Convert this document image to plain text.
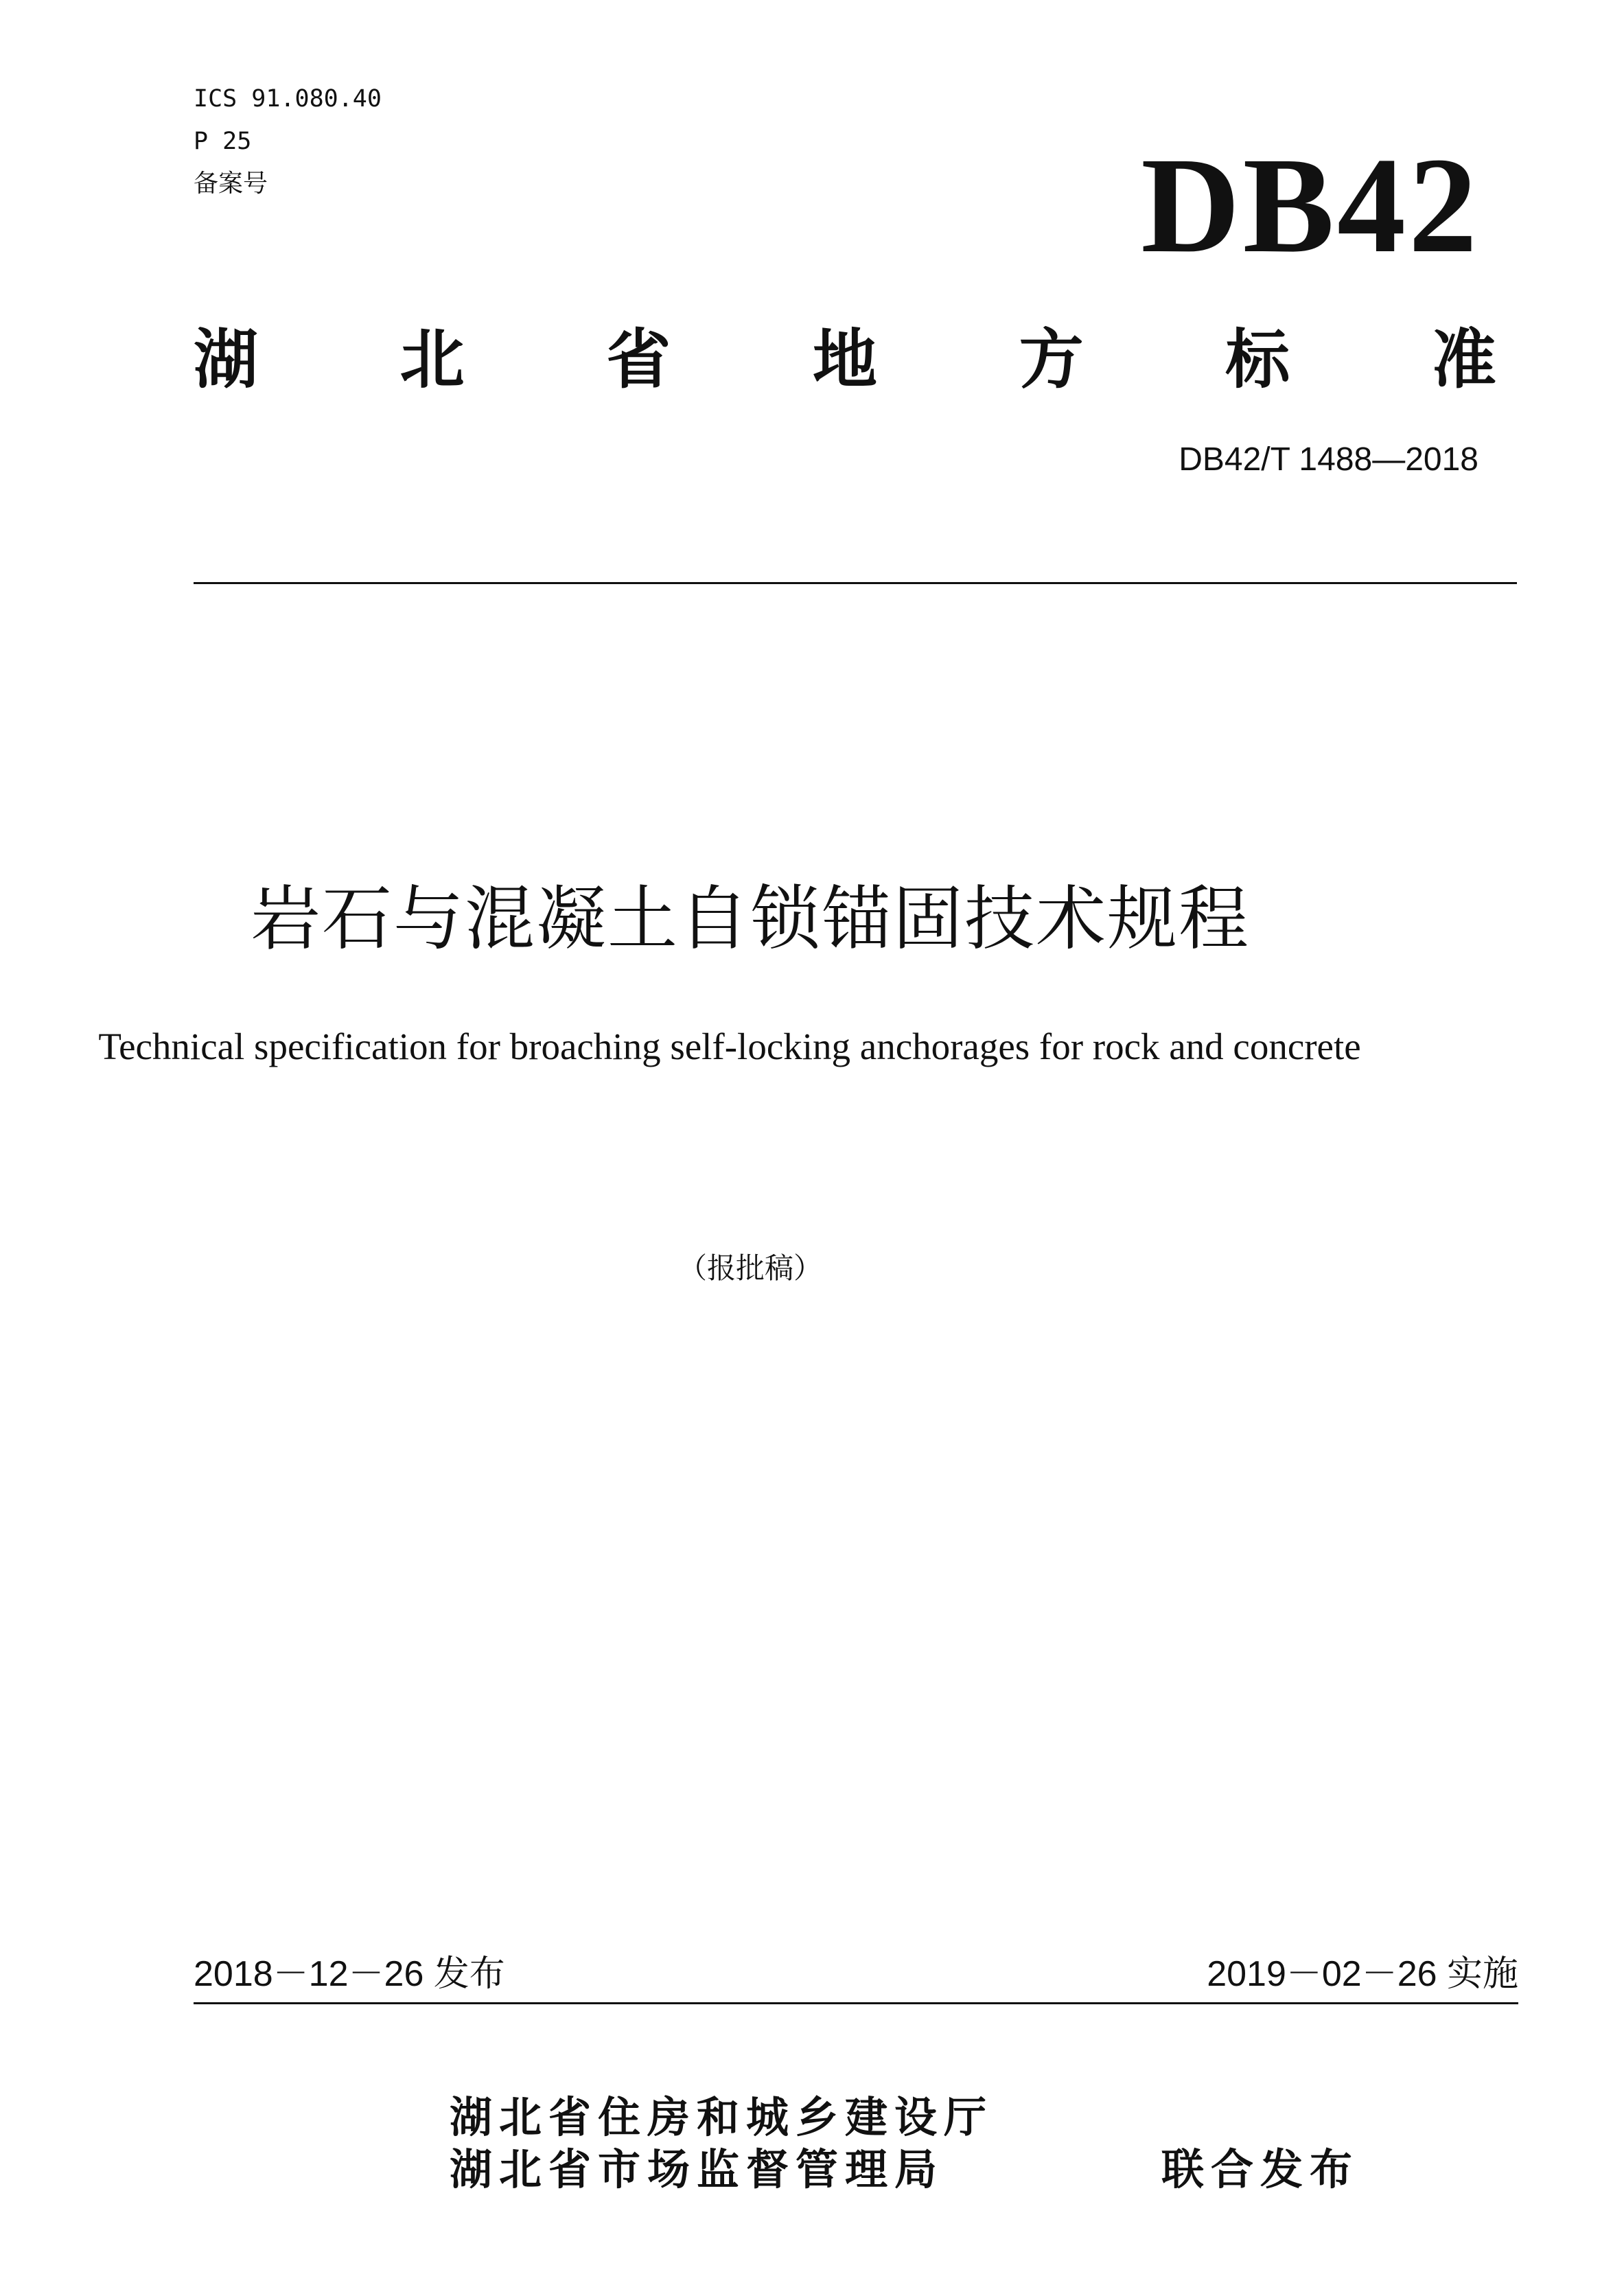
ICS 91.080.40
P 25
备案号	DB42
湖 北 省 地 方 标 准
DB42/T 1488—2018
岩石与混凝土自锁锚固技术规程
Technical specification for broaching self-locking anchorages for rock and concrete
（报批稿）
2018－12－26 发布	2019－02－26 实施
湖北省住房和城乡建设厅
湖北省市场监督管理局	联合发布
